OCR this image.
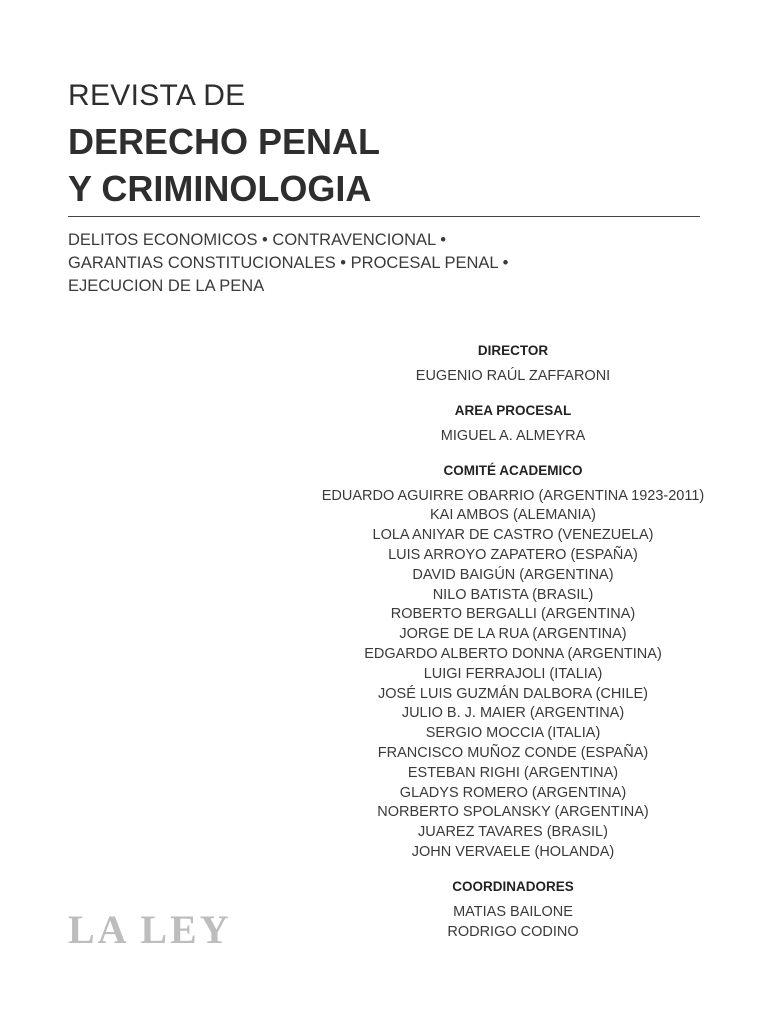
REVISTA DE
DERECHO PENAL
Y CRIMINOLOGIA

DELITOS ECONOMICOS • CONTRAVENCIONAL •

GARANTIAS CONSTITUCIONALES • PROCESAL PENAL •

EJECUCION DE LA PENA

DIRECTOR
EUGENIO RAÚL ZAFFARONI
AREA PROCESAL
MIGUEL A. ALMEYRA
COMITÉ ACADEMICO
EDUARDO AGUIRRE OBARRIO (ARGENTINA 1923-2011)
KAI AMBOS (ALEMANIA)
LOLA ANIYAR DE CASTRO (VENEZUELA)
LUIS ARROYO ZAPATERO (ESPAÑA)
DAVID BAIGÚN (ARGENTINA)
NILO BATISTA (BRASIL)
ROBERTO BERGALLI (ARGENTINA)
JORGE DE LA RUA (ARGENTINA)
EDGARDO ALBERTO DONNA (ARGENTINA)
LUIGI FERRAJOLI (ITALIA)
JOSÉ LUIS GUZMÁN DALBORA (CHILE)
JULIO B. J. MAIER (ARGENTINA)
SERGIO MOCCIA (ITALIA)
FRANCISCO MUÑOZ CONDE (ESPAÑA)
ESTEBAN RIGHI (ARGENTINA)
GLADYS ROMERO (ARGENTINA)
NORBERTO SPOLANSKY (ARGENTINA)
JUAREZ TAVARES (BRASIL)
JOHN VERVAELE (HOLANDA)
COORDINADORES
MATIAS BAILONE
RODRIGO CODINO
LA LEY
